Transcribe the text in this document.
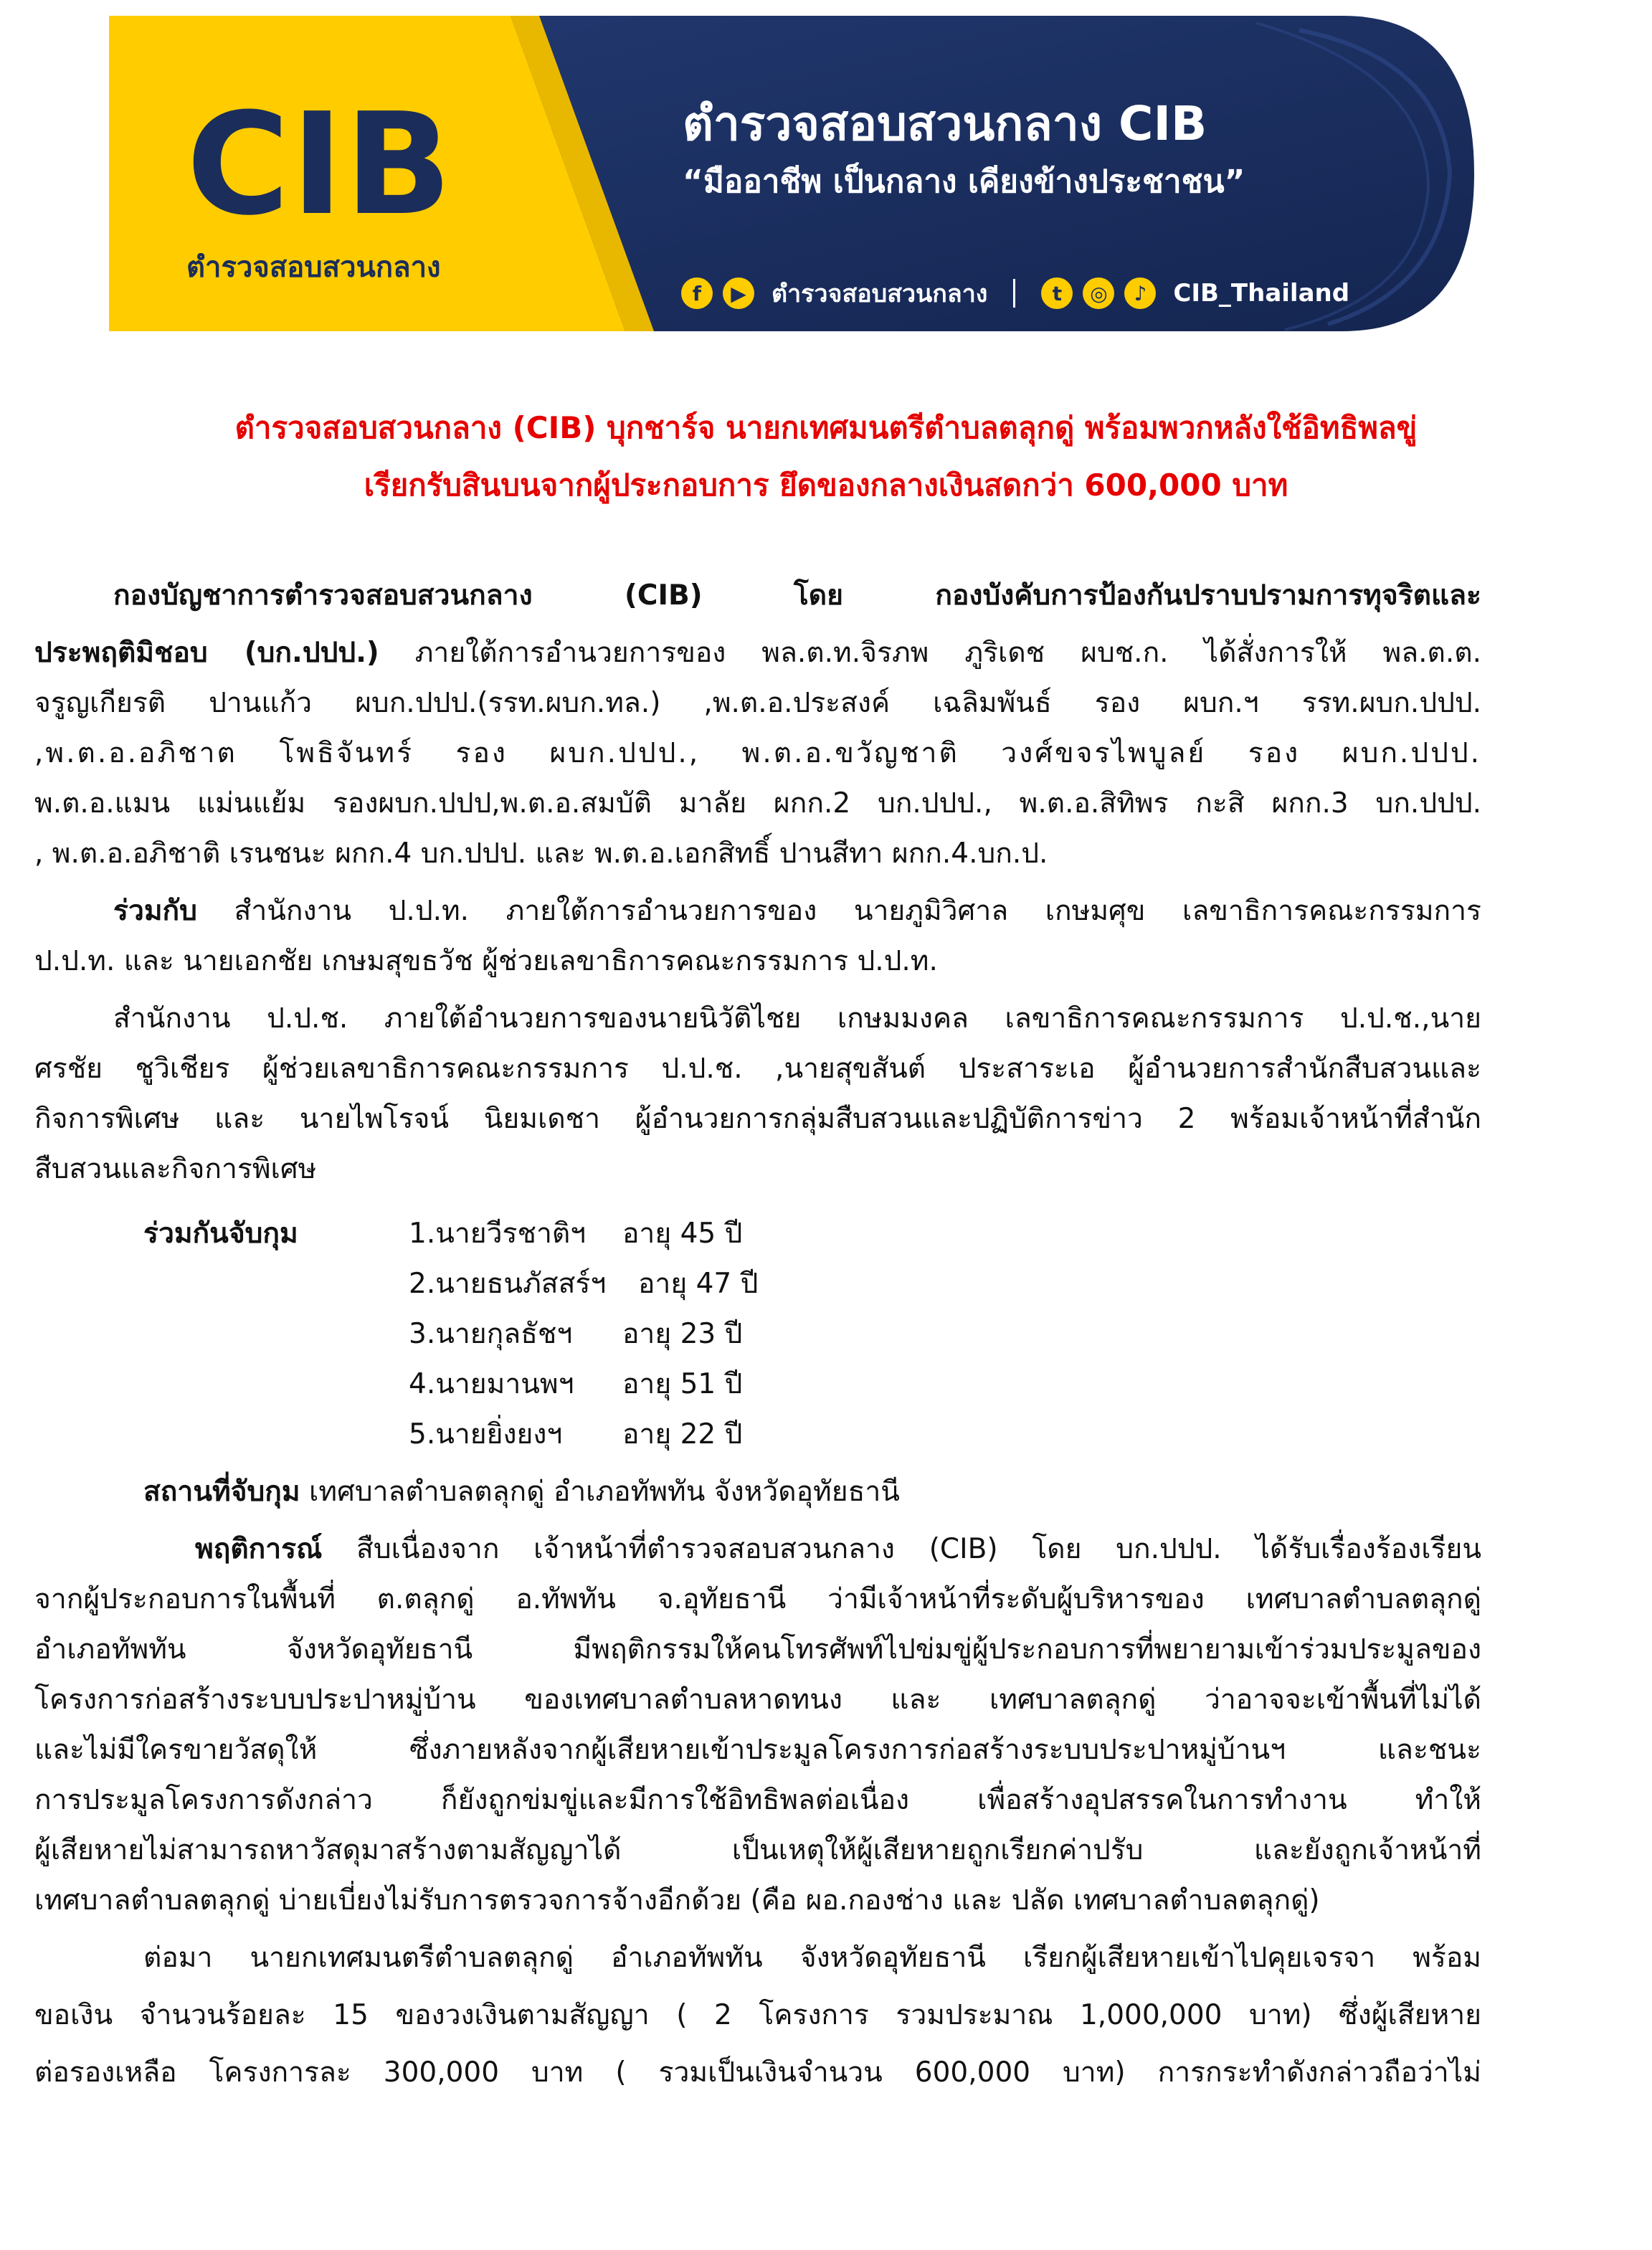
CIB
ตำรวจสอบสวนกลาง
ตำรวจสอบสวนกลาง CIB
“มืออาชีพ เป็นกลาง เคียงข้างประชาชน”
f	▶	ตำรวจสอบสวนกลาง	t	◎	♪	CIB_Thailand
ตำรวจสอบสวนกลาง (CIB) บุกชาร์จ นายกเทศมนตรีตำบลตลุกดู่ พร้อมพวกหลังใช้อิทธิพลขู่
เรียกรับสินบนจากผู้ประกอบการ ยึดของกลางเงินสดกว่า 600,000 บาท
กองบัญชาการตำรวจสอบสวนกลาง (CIB)	โดย กองบังคับการป้องกันปราบปรามการทุจริตและ
ประพฤติมิชอบ (บก.ปปป.) ภายใต้การอำนวยการของ พล.ต.ท.จิรภพ ภูริเดช ผบช.ก. ได้สั่งการให้ พล.ต.ต.
จรูญเกียรติ ปานแก้ว ผบก.ปปป.(รรท.ผบก.ทล.) ,พ.ต.อ.ประสงค์ เฉลิมพันธ์ รอง ผบก.ฯ รรท.ผบก.ปปป.
,พ.ต.อ.อภิชาต โพธิจันทร์ รอง ผบก.ปปป., พ.ต.อ.ขวัญชาติ วงศ์ขจรไพบูลย์ รอง ผบก.ปปป.
พ.ต.อ.แมน แม่นแย้ม รองผบก.ปปป,พ.ต.อ.สมบัติ มาลัย ผกก.2 บก.ปปป., พ.ต.อ.สิทิพร กะสิ ผกก.3 บก.ปปป.
, พ.ต.อ.อภิชาติ เรนชนะ ผกก.4 บก.ปปป. และ พ.ต.อ.เอกสิทธิ์ ปานสีทา ผกก.4.บก.ป.
ร่วมกับ สำนักงาน ป.ป.ท. ภายใต้การอำนวยการของ นายภูมิวิศาล เกษมศุข เลขาธิการคณะกรรมการ
ป.ป.ท. และ นายเอกชัย เกษมสุขธวัช ผู้ช่วยเลขาธิการคณะกรรมการ ป.ป.ท.
สำนักงาน ป.ป.ช. ภายใต้อำนวยการของนายนิวัติไชย เกษมมงคล เลขาธิการคณะกรรมการ ป.ป.ช.,นาย
ศรชัย ชูวิเชียร ผู้ช่วยเลขาธิการคณะกรรมการ ป.ป.ช. ,นายสุขสันต์ ประสาระเอ ผู้อำนวยการสำนักสืบสวนและ
กิจการพิเศษ และ นายไพโรจน์ นิยมเดชา ผู้อำนวยการกลุ่มสืบสวนและปฏิบัติการข่าว 2 พร้อมเจ้าหน้าที่สำนัก
สืบสวนและกิจการพิเศษ
ร่วมกันจับกุม	1.นายวีรชาติฯ อายุ 45 ปี
2.นายธนภัสสร์ฯ อายุ 47 ปี
3.นายกุลธัชฯ อายุ 23 ปี
4.นายมานพฯ อายุ 51 ปี
5.นายยิ่งยงฯ อายุ 22 ปี
สถานที่จับกุม เทศบาลตำบลตลุกดู่ อำเภอทัพทัน จังหวัดอุทัยธานี
พฤติการณ์ สืบเนื่องจาก เจ้าหน้าที่ตำรวจสอบสวนกลาง (CIB) โดย บก.ปปป. ได้รับเรื่องร้องเรียน
จากผู้ประกอบการในพื้นที่ ต.ตลุกดู่ อ.ทัพทัน จ.อุทัยธานี ว่ามีเจ้าหน้าที่ระดับผู้บริหารของ เทศบาลตำบลตลุกดู่
อำเภอทัพทัน จังหวัดอุทัยธานี มีพฤติกรรมให้คนโทรศัพท์ไปข่มขู่ผู้ประกอบการที่พยายามเข้าร่วมประมูลของ
โครงการก่อสร้างระบบประปาหมู่บ้าน ของเทศบาลตำบลหาดทนง และ เทศบาลตลุกดู่ ว่าอาจจะเข้าพื้นที่ไม่ได้
และไม่มีใครขายวัสดุให้ ซึ่งภายหลังจากผู้เสียหายเข้าประมูลโครงการก่อสร้างระบบประปาหมู่บ้านฯ และชนะ
การประมูลโครงการดังกล่าว ก็ยังถูกข่มขู่และมีการใช้อิทธิพลต่อเนื่อง เพื่อสร้างอุปสรรคในการทำงาน ทำให้
ผู้เสียหายไม่สามารถหาวัสดุมาสร้างตามสัญญาได้ เป็นเหตุให้ผู้เสียหายถูกเรียกค่าปรับ และยังถูกเจ้าหน้าที่
เทศบาลตำบลตลุกดู่ บ่ายเบี่ยงไม่รับการตรวจการจ้างอีกด้วย (คือ ผอ.กองช่าง และ ปลัด เทศบาลตำบลตลุกดู่)
ต่อมา นายกเทศมนตรีตำบลตลุกดู่ อำเภอทัพทัน จังหวัดอุทัยธานี เรียกผู้เสียหายเข้าไปคุยเจรจา พร้อม
ขอเงิน จำนวนร้อยละ 15 ของวงเงินตามสัญญา ( 2 โครงการ รวมประมาณ 1,000,000 บาท) ซึ่งผู้เสียหาย
ต่อรองเหลือ โครงการละ 300,000 บาท ( รวมเป็นเงินจำนวน 600,000 บาท) การกระทำดังกล่าวถือว่าไม่
